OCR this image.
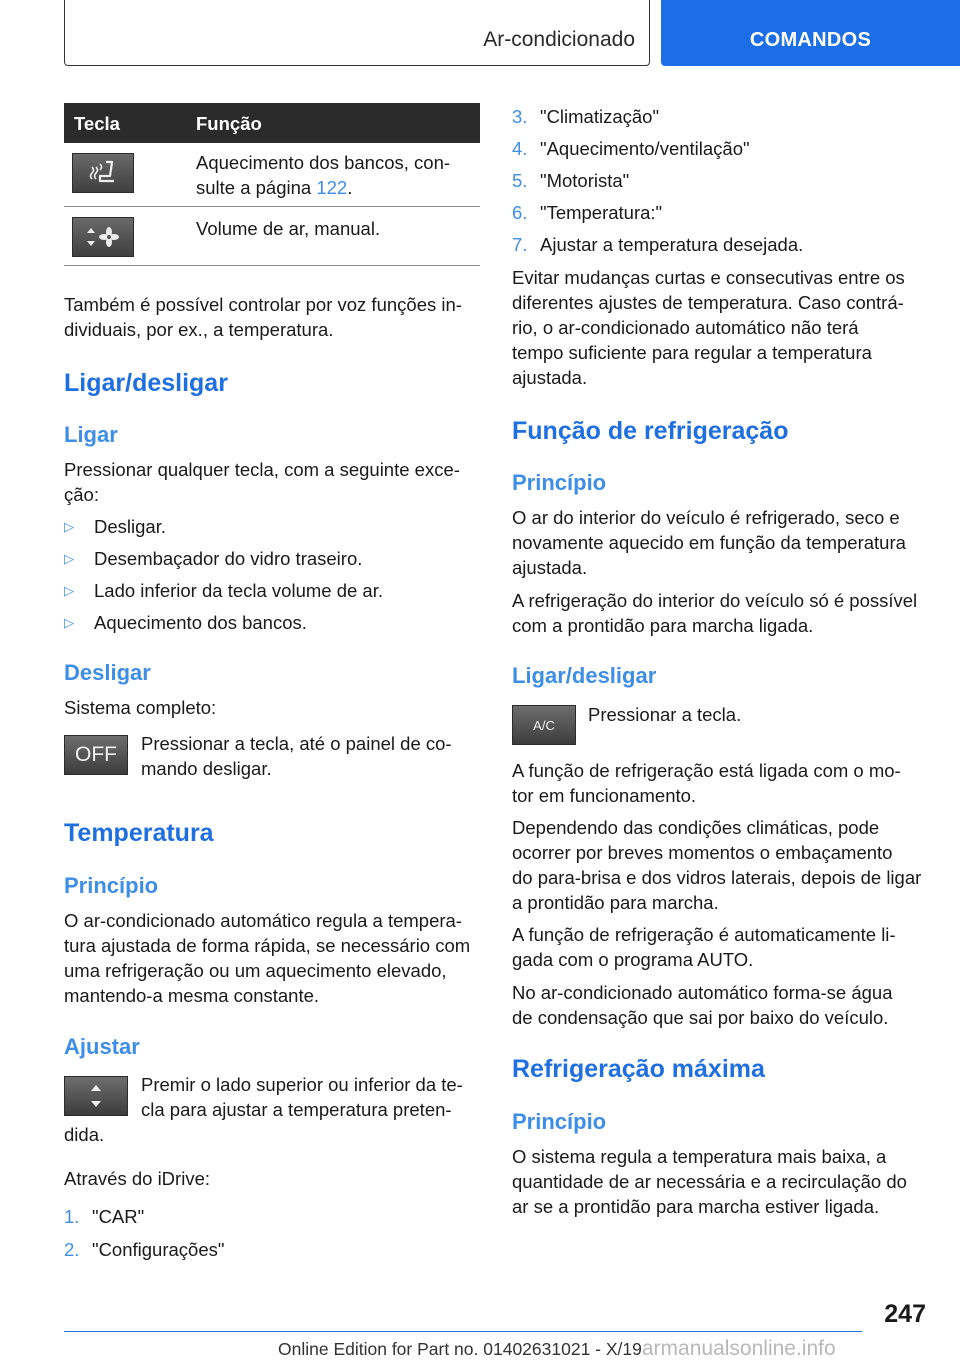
Ar-condicionado	COMANDOS
Tecla	Função
Aquecimento dos bancos, con-
sulte a página 122.
Volume de ar, manual.

Também é possível controlar por voz funções in-
dividuais, por ex., a temperatura.

Ligar/desligar
Ligar

Pressionar qualquer tecla, com a seguinte exce-
ção:

▷	Desligar.
▷	Desembaçador do vidro traseiro.
▷	Lado inferior da tecla volume de ar.
▷	Aquecimento dos bancos.
Desligar

Sistema completo:

OFF	Pressionar a tecla, até o painel de co-
mando desligar.

Temperatura
Princípio

O ar-condicionado automático regula a tempera-
tura ajustada de forma rápida, se necessário com
uma refrigeração ou um aquecimento elevado,
mantendo-a mesma constante.

Ajustar

Premir o lado superior ou inferior da te-
cla para ajustar a temperatura preten-

dida.

Através do iDrive:

1. "CAR"
2. "Configurações"
3. "Climatização"
4. "Aquecimento/ventilação"
5. "Motorista"
6. "Temperatura:"
7. Ajustar a temperatura desejada.

Evitar mudanças curtas e consecutivas entre os
diferentes ajustes de temperatura. Caso contrá-
rio, o ar-condicionado automático não terá
tempo suficiente para regular a temperatura
ajustada.

Função de refrigeração
Princípio

O ar do interior do veículo é refrigerado, seco e
novamente aquecido em função da temperatura
ajustada.

A refrigeração do interior do veículo só é possível
com a prontidão para marcha ligada.

Ligar/desligar
A/C	Pressionar a tecla.

A função de refrigeração está ligada com o mo-
tor em funcionamento.

Dependendo das condições climáticas, pode
ocorrer por breves momentos o embaçamento
do para-brisa e dos vidros laterais, depois de ligar
a prontidão para marcha.

A função de refrigeração é automaticamente li-
gada com o programa AUTO.

No ar-condicionado automático forma-se água
de condensação que sai por baixo do veículo.

Refrigeração máxima
Princípio

O sistema regula a temperatura mais baixa, a
quantidade de ar necessária e a recirculação do
ar se a prontidão para marcha estiver ligada.

247
Online Edition for Part no. 01402631021 - X/19armanualsonline.info
